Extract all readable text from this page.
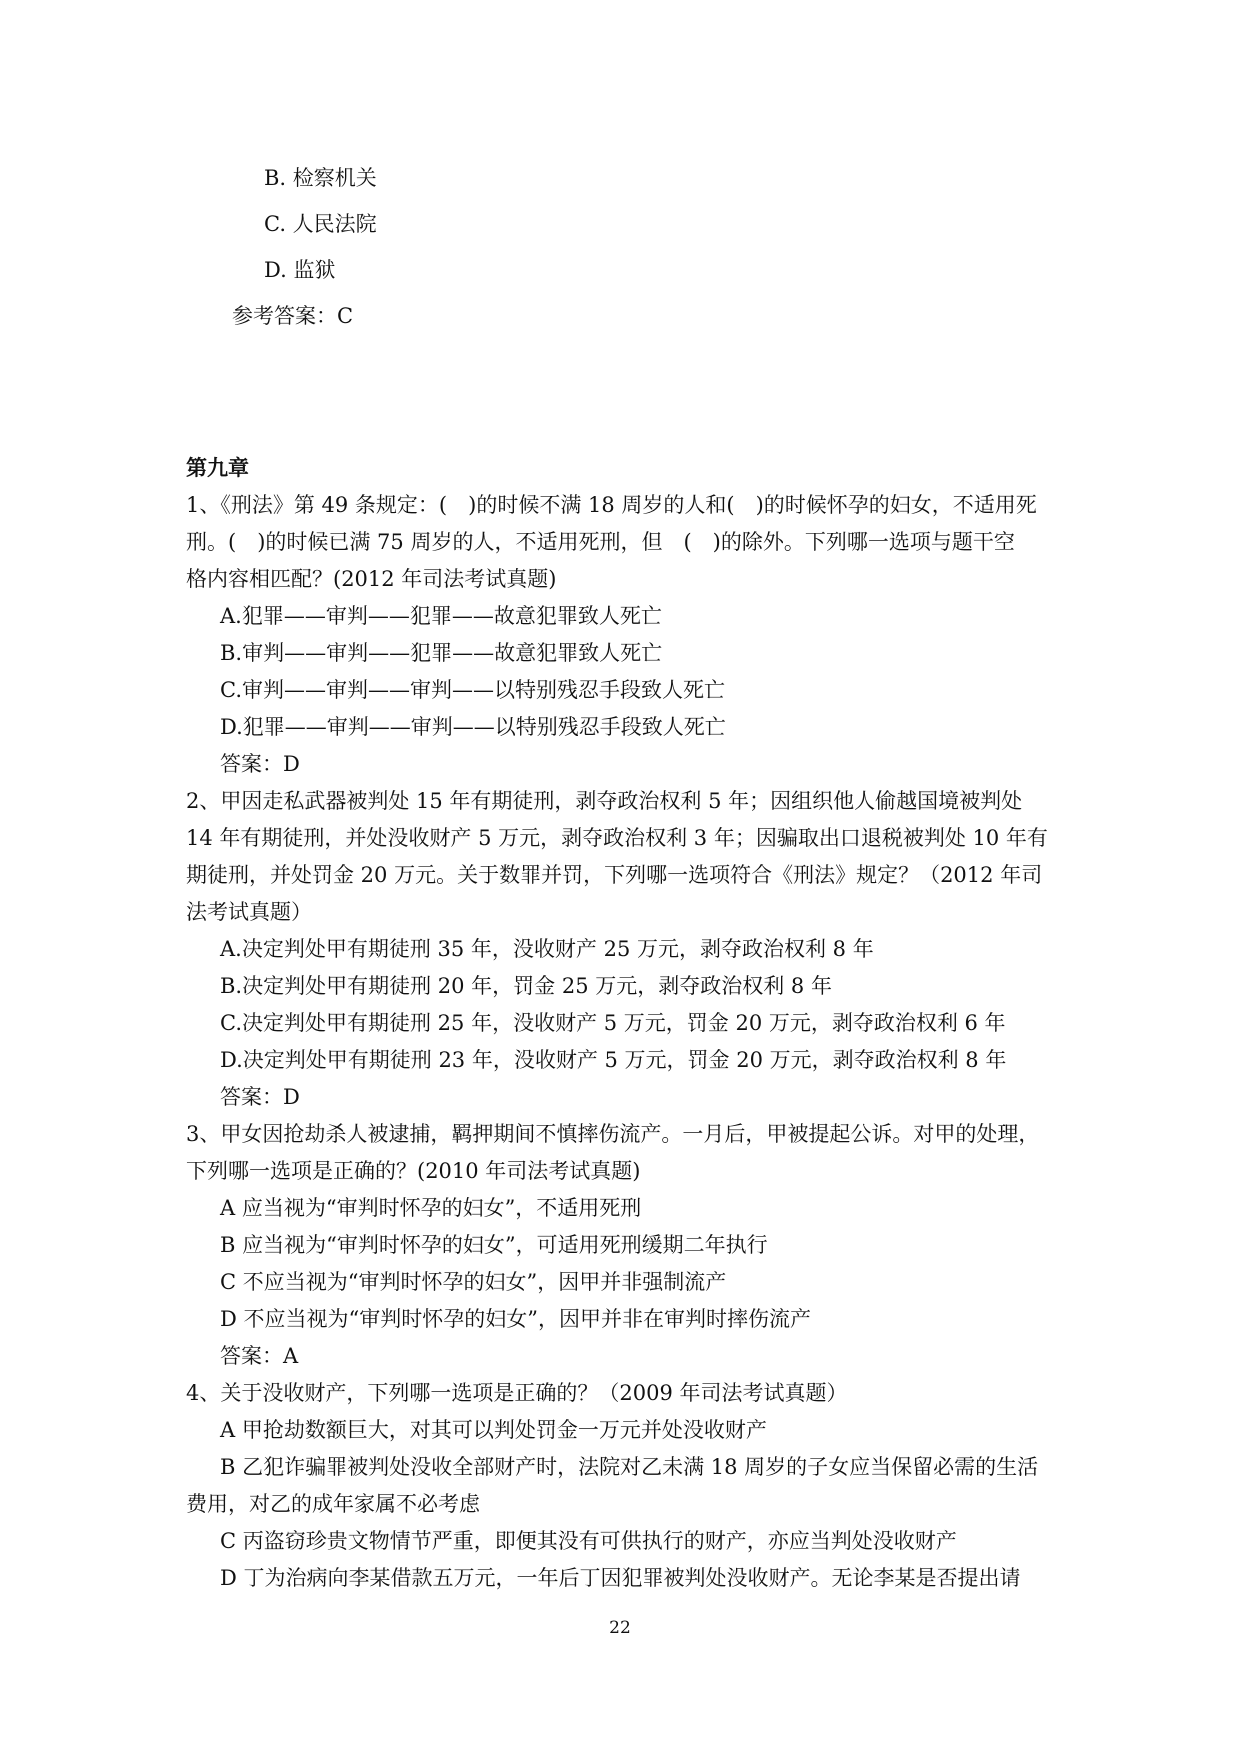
B. 检察机关
C. 人民法院
D. 监狱
参考答案：C
第九章
1、《刑法》第 49 条规定：(　)的时候不满 18 周岁的人和(　)的时候怀孕的妇女，不适用死
刑。(　)的时候已满 75 周岁的人，不适用死刑，但　(　)的除外。下列哪一选项与题干空
格内容相匹配？(2012 年司法考试真题)
A.犯罪——审判——犯罪——故意犯罪致人死亡
B.审判——审判——犯罪——故意犯罪致人死亡
C.审判——审判——审判——以特别残忍手段致人死亡
D.犯罪——审判——审判——以特别残忍手段致人死亡
答案：D
2、甲因走私武器被判处 15 年有期徒刑，剥夺政治权利 5 年；因组织他人偷越国境被判处
14 年有期徒刑，并处没收财产 5 万元，剥夺政治权利 3 年；因骗取出口退税被判处 10 年有
期徒刑，并处罚金 20 万元。关于数罪并罚，下列哪一选项符合《刑法》规定？（2012 年司
法考试真题）
A.决定判处甲有期徒刑 35 年，没收财产 25 万元，剥夺政治权利 8 年
B.决定判处甲有期徒刑 20 年，罚金 25 万元，剥夺政治权利 8 年
C.决定判处甲有期徒刑 25 年，没收财产 5 万元，罚金 20 万元，剥夺政治权利 6 年
D.决定判处甲有期徒刑 23 年，没收财产 5 万元，罚金 20 万元，剥夺政治权利 8 年
答案：D
3、甲女因抢劫杀人被逮捕，羁押期间不慎摔伤流产。一月后，甲被提起公诉。对甲的处理，
下列哪一选项是正确的？(2010 年司法考试真题)
A 应当视为“审判时怀孕的妇女”，不适用死刑
B 应当视为“审判时怀孕的妇女”，可适用死刑缓期二年执行
C 不应当视为“审判时怀孕的妇女”，因甲并非强制流产
D 不应当视为“审判时怀孕的妇女”，因甲并非在审判时摔伤流产
答案：A
4、关于没收财产，下列哪一选项是正确的？（2009 年司法考试真题）
A 甲抢劫数额巨大，对其可以判处罚金一万元并处没收财产
B 乙犯诈骗罪被判处没收全部财产时，法院对乙未满 18 周岁的子女应当保留必需的生活
费用，对乙的成年家属不必考虑
C 丙盗窃珍贵文物情节严重，即便其没有可供执行的财产，亦应当判处没收财产
D 丁为治病向李某借款五万元，一年后丁因犯罪被判处没收财产。无论李某是否提出请
22
